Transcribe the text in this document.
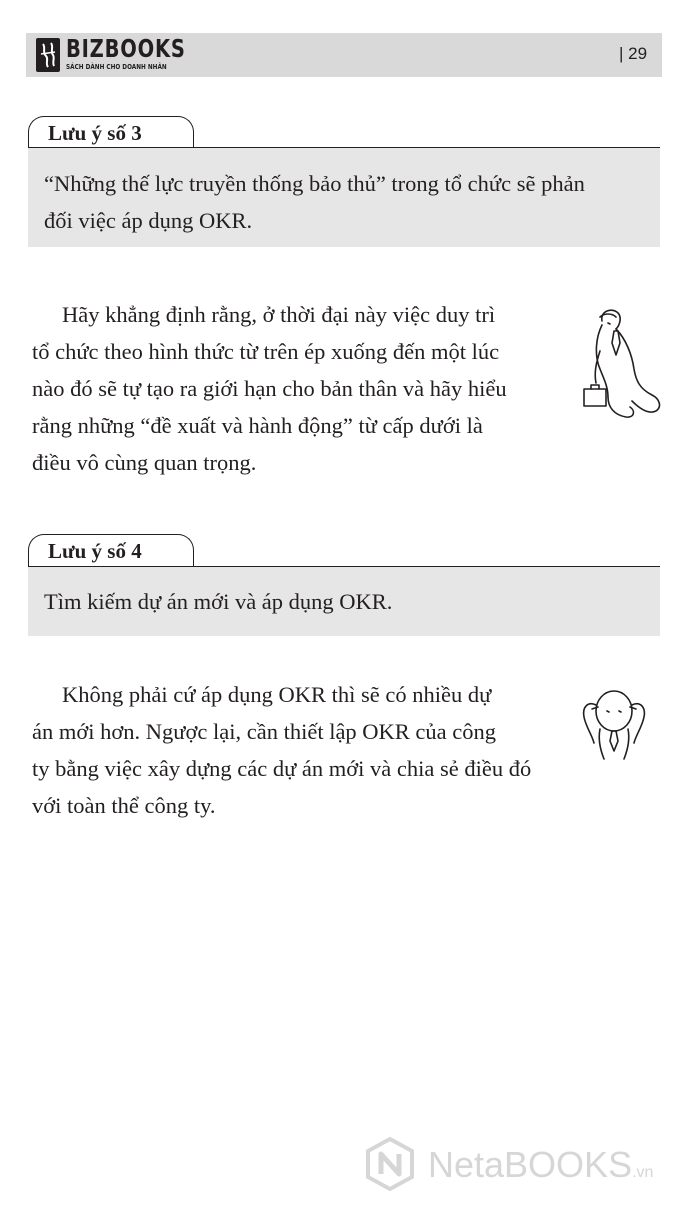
BIZBOOKS
SÁCH DÀNH CHO DOANH NHÂN
| 29
Lưu ý số 3
“Những thế lực truyền thống bảo thủ” trong tổ chức sẽ phản
đối việc áp dụng OKR.
Hãy khẳng định rằng, ở thời đại này việc duy trì
tổ chức theo hình thức từ trên ép xuống đến một lúc
nào đó sẽ tự tạo ra giới hạn cho bản thân và hãy hiểu
rằng những “đề xuất và hành động” từ cấp dưới là
điều vô cùng quan trọng.
Lưu ý số 4
Tìm kiếm dự án mới và áp dụng OKR.
Không phải cứ áp dụng OKR thì sẽ có nhiều dự
án mới hơn. Ngược lại, cần thiết lập OKR của công
ty bằng việc xây dựng các dự án mới và chia sẻ điều đó
với toàn thể công ty.
NetaBOOKS.vn
